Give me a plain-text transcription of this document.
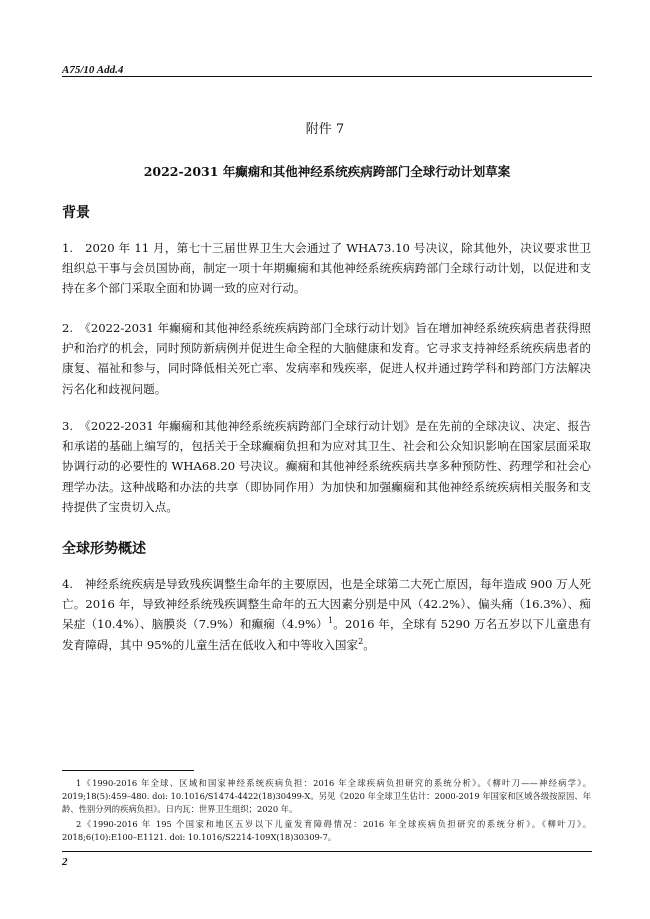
A75/10 Add.4
附件 7
2022-2031 年癫痫和其他神经系统疾病跨部门全球行动计划草案
背景
1.　2020 年 11 月，第七十三届世界卫生大会通过了 WHA73.10 号决议，除其他外，决议要求世卫组织总干事与会员国协商，制定一项十年期癫痫和其他神经系统疾病跨部门全球行动计划，以促进和支持在多个部门采取全面和协调一致的应对行动。
2.　《2022-2031 年癫痫和其他神经系统疾病跨部门全球行动计划》旨在增加神经系统疾病患者获得照护和治疗的机会，同时预防新病例并促进生命全程的大脑健康和发育。它寻求支持神经系统疾病患者的康复、福祉和参与，同时降低相关死亡率、发病率和残疾率，促进人权并通过跨学科和跨部门方法解决污名化和歧视问题。
3.　《2022-2031 年癫痫和其他神经系统疾病跨部门全球行动计划》是在先前的全球决议、决定、报告和承诺的基础上编写的，包括关于全球癫痫负担和为应对其卫生、社会和公众知识影响在国家层面采取协调行动的必要性的 WHA68.20 号决议。癫痫和其他神经系统疾病共享多种预防性、药理学和社会心理学办法。这种战略和办法的共享（即协同作用）为加快和加强癫痫和其他神经系统疾病相关服务和支持提供了宝贵切入点。
全球形势概述
4.　神经系统疾病是导致残疾调整生命年的主要原因，也是全球第二大死亡原因，每年造成 900 万人死亡。2016 年，导致神经系统残疾调整生命年的五大因素分别是中风（42.2%）、偏头痛（16.3%）、痴呆症（10.4%）、脑膜炎（7.9%）和癫痫$(4.9\%)^1$。2016 年，全球有 5290 万名五岁以下儿童患有发育障碍，其中 95%的儿童生活在低收入和中等收入国家$^2$。

1《1990-2016 年全球、区域和国家神经系统疾病负担：2016 年全球疾病负担研究的系统分析》。《柳叶刀——神经病学》。2019;18(5):459–480. doi: 10.1016/S1474-4422(18)30499-X。另见《2020 年全球卫生估计：2000-2019 年国家和区域各级按原因、年龄、性别分列的疾病负担》。日内瓦：世界卫生组织；2020 年。

2《1990-2016 年 195 个国家和地区五岁以下儿童发育障碍情况：2016 年全球疾病负担研究的系统分析》。《柳叶刀》。2018;6(10):E100–E1121. doi: 10.1016/S2214-109X(18)30309-7。

2
